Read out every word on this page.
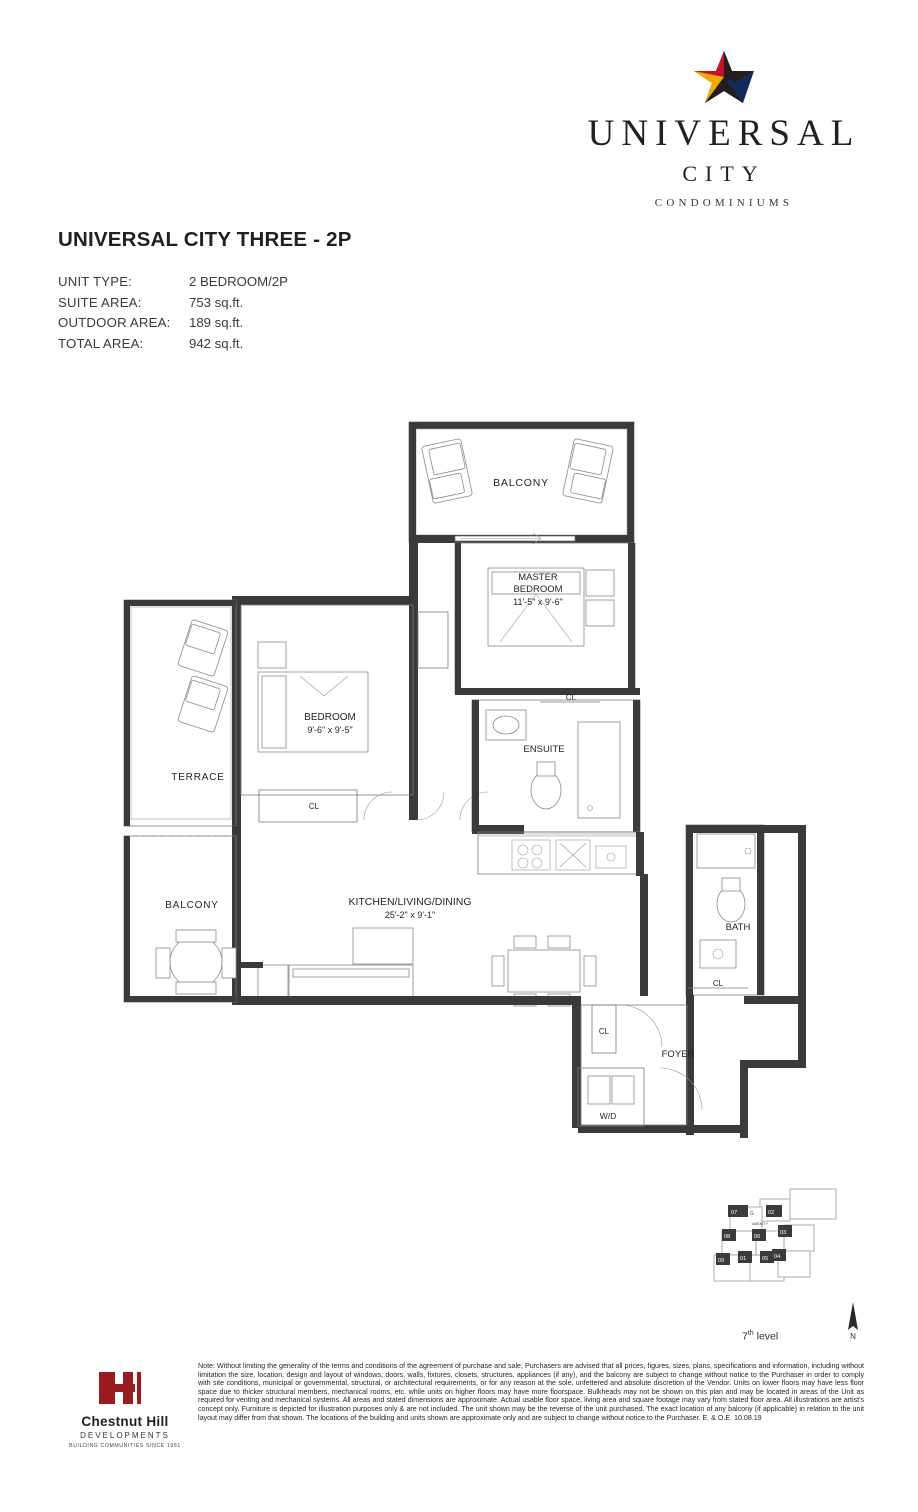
UNIVERSAL
CITY
CONDOMINIUMS
UNIVERSAL CITY THREE - 2P
UNIT TYPE:	2 BEDROOM/2P
SUITE AREA:	753 sq.ft.
OUTDOOR AREA:	189 sq.ft.
TOTAL AREA:	942 sq.ft.
BALCONY
MASTER
BEDROOM
11'-5" x 9'-6"
CL
TERRACE
BEDROOM
9'-6" x 9'-5"
CL
ENSUITE
BATH
CL
KITCHEN/LIVING/DINING
25'-2" x 9'-1"
BALCONY
FOYER
CL
W/D
07
08
09	01
06
05
03
04
02
G
AMENITY
7th level	N
Chestnut Hill
DEVELOPMENTS
BUILDING COMMUNITIES SINCE 1981
Note: Without limiting the generality of the terms and conditions of the agreement of purchase and sale, Purchasers are advised that all prices, figures, sizes, plans, specifications and information, including without limitation the size, location, design and layout of windows, doors, walls, fixtures, closets, structures, appliances (if any), and the balcony are subject to change without notice to the Purchaser in order to comply with site conditions, municipal or governmental, structural, or architectural requirements, or for any reason at the sole, unfettered and absolute discretion of the Vendor. Units on lower floors may have less floor space due to thicker structural members, mechanical rooms, etc. while units on higher floors may have more floorspace. Bulkheads may not be shown on this plan and may be located in areas of the Unit as required for venting and mechanical systems. All areas and stated dimensions are approximate. Actual usable floor space, living area and square footage may vary from stated floor area. All illustrations are artist's concept only. Furniture is depicted for illustration purposes only & are not included. The unit shown may be the reverse of the unit purchased. The exact location of any balcony (if applicable) in relation to the unit layout may differ from that shown. The locations of the building and units shown are approximate only and are subject to change without notice to the Purchaser. E. & O.E. 10.08.19
